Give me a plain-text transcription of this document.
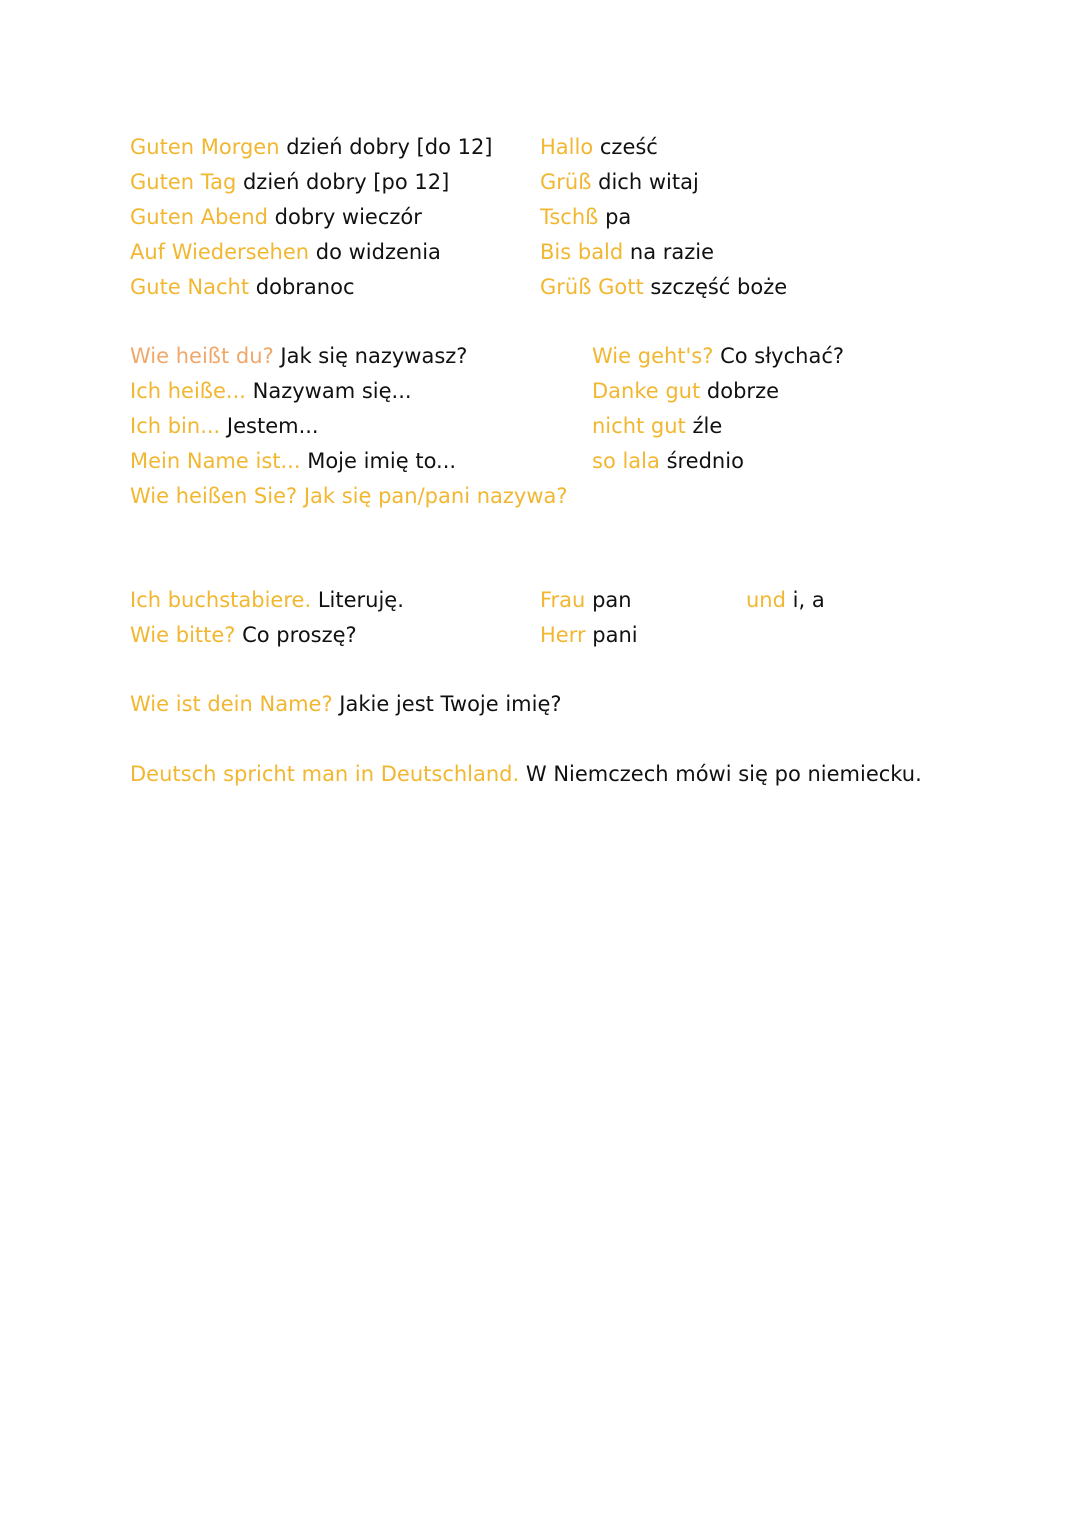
Guten Morgen dzień dobry [do 12]
Guten Tag dzień dobry [po 12]
Guten Abend dobry wieczór
Auf Wiedersehen do widzenia
Gute Nacht dobranoc
Hallo cześć
Grüß dich witaj
Tschß pa
Bis bald na razie
Grüß Gott szczęść boże
Wie heißt du? Jak się nazywasz?
Ich heiße... Nazywam się...
Ich bin... Jestem...
Mein Name ist... Moje imię to...
Wie heißen Sie? Jak się pan/pani nazywa?
Wie geht's? Co słychać?
Danke gut dobrze
nicht gut źle
so lala średnio
Ich buchstabiere. Literuję.
Wie bitte? Co proszę?
Frau pan
Herr pani
und i, a
Wie ist dein Name? Jakie jest Twoje imię?
Deutsch spricht man in Deutschland. W Niemczech mówi się po niemiecku.
